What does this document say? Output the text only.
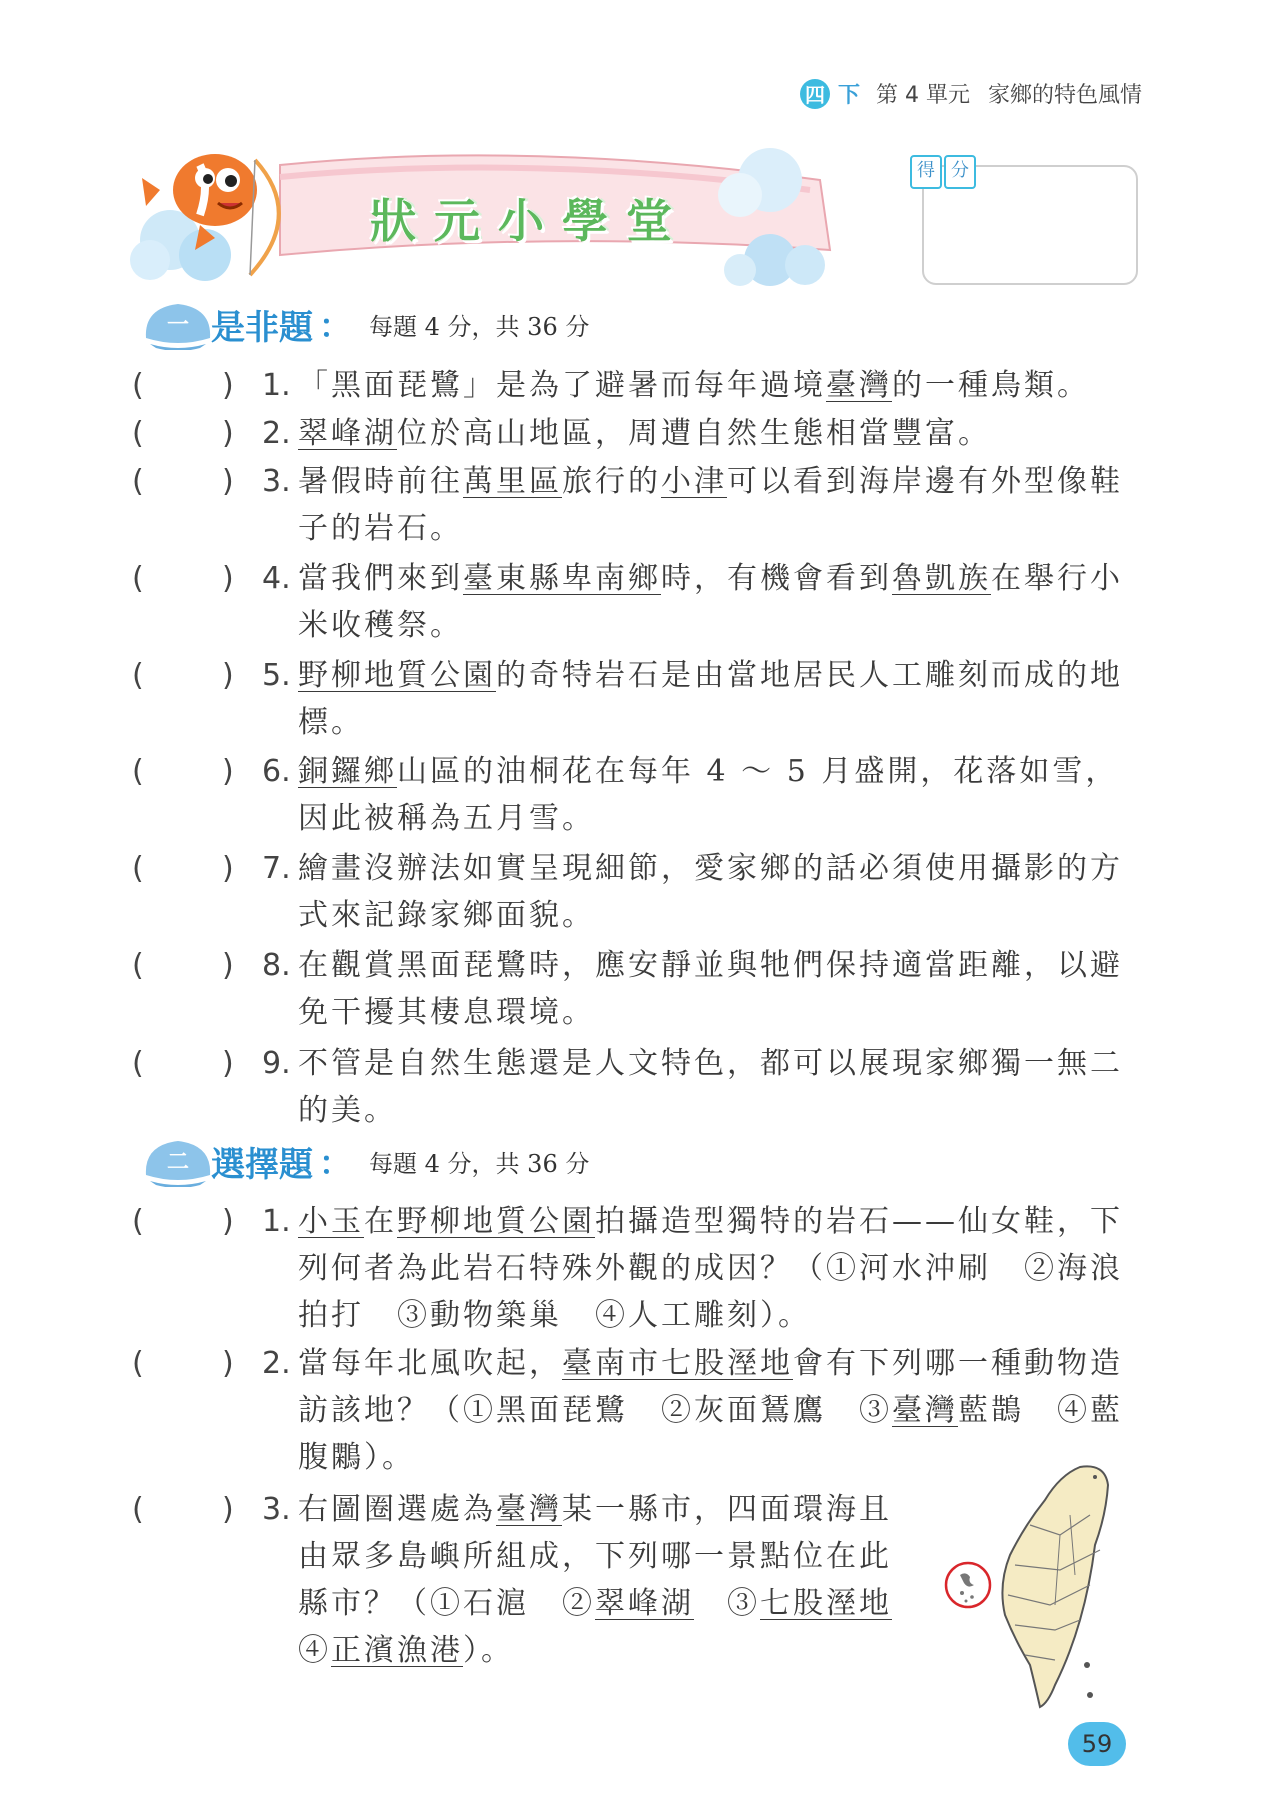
四 下 第 4 單元 家鄉的特色風情
狀元小學堂
得 分
一 是非題 ： 每題 4 分，共 36 分
(	) 1. 「黑面琵鷺」是為了避暑而每年過境臺灣的一種鳥類。
(	) 2. 翠峰湖位於高山地區，周遭自然生態相當豐富。
(	) 3. 暑假時前往萬里區旅行的小津可以看到海岸邊有外型像鞋子的岩石。
(	) 4. 當我們來到臺東縣卑南鄉時，有機會看到魯凱族在舉行小米收穫祭。
(	) 5. 野柳地質公園的奇特岩石是由當地居民人工雕刻而成的地標。
(	) 6. 銅鑼鄉山區的油桐花在每年 4 ～ 5 月盛開，花落如雪，因此被稱為五月雪。
(	) 7. 繪畫沒辦法如實呈現細節，愛家鄉的話必須使用攝影的方式來記錄家鄉面貌。
(	) 8. 在觀賞黑面琵鷺時，應安靜並與牠們保持適當距離，以避免干擾其棲息環境。
(	) 9. 不管是自然生態還是人文特色，都可以展現家鄉獨一無二的美。
二 選擇題 ： 每題 4 分，共 36 分
(	) 1. 小玉在野柳地質公園拍攝造型獨特的岩石——仙女鞋，下列何者為此岩石特殊外觀的成因？（①河水沖刷　②海浪拍打　③動物築巢　④人工雕刻）。
(	) 2. 當每年北風吹起，臺南市七股溼地會有下列哪一種動物造訪該地？（①黑面琵鷺　②灰面鵟鷹　③臺灣藍鵲　④藍腹鷴）。
(	) 3. 右圖圈選處為臺灣某一縣市，四面環海且由眾多島嶼所組成，下列哪一景點位在此縣市？（①石滬　②翠峰湖　③七股溼地　④正濱漁港）。
59
